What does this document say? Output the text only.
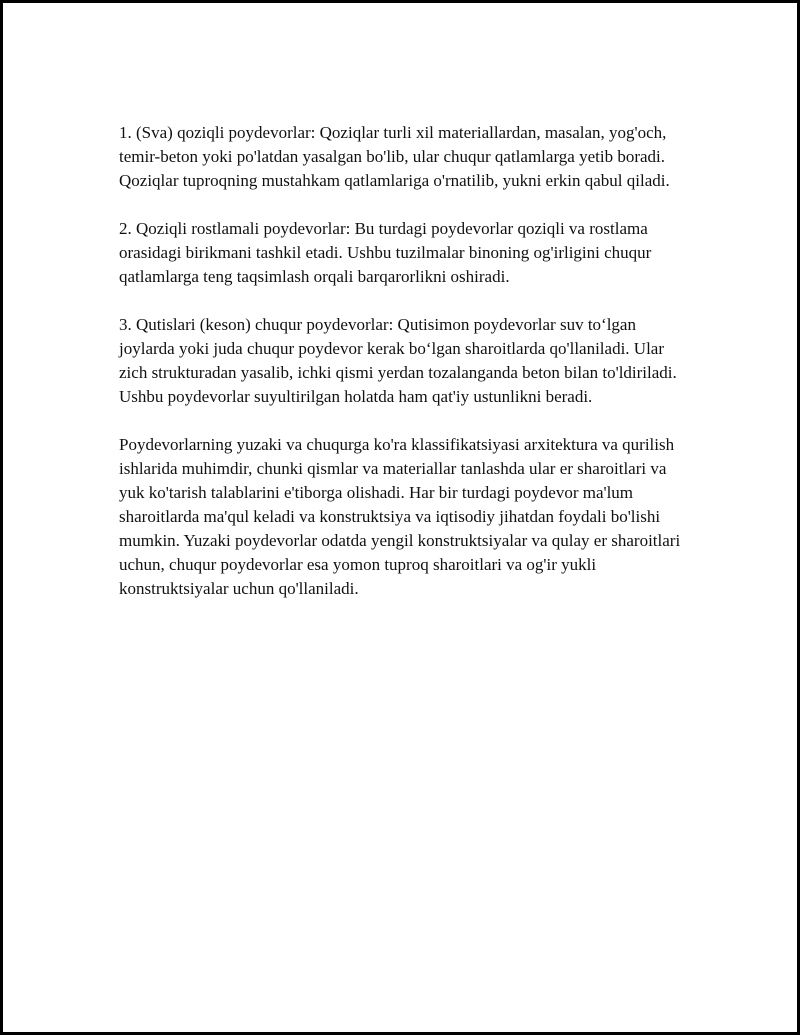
1. (Sva) qoziqli poydevorlar: Qoziqlar turli xil materiallardan, masalan, yog'och, temir-beton yoki po'latdan yasalgan bo'lib, ular chuqur qatlamlarga yetib boradi. Qoziqlar tuproqning mustahkam qatlamlariga o'rnatilib, yukni erkin qabul qiladi.

2. Qoziqli rostlamali poydevorlar: Bu turdagi poydevorlar qoziqli va rostlama orasidagi birikmani tashkil etadi. Ushbu tuzilmalar binoning og'irligini chuqur qatlamlarga teng taqsimlash orqali barqarorlikni oshiradi.

3. Qutislari (keson) chuqur poydevorlar: Qutisimon poydevorlar suv to‘lgan joylarda yoki juda chuqur poydevor kerak bo‘lgan sharoitlarda qo'llaniladi. Ular zich strukturadan yasalib, ichki qismi yerdan tozalanganda beton bilan to'ldiriladi. Ushbu poydevorlar suyultirilgan holatda ham qat'iy ustunlikni beradi.

Poydevorlarning yuzaki va chuqurga ko'ra klassifikatsiyasi arxitektura va qurilish ishlarida muhimdir, chunki qismlar va materiallar tanlashda ular er sharoitlari va yuk ko'tarish talablarini e'tiborga olishadi. Har bir turdagi poydevor ma'lum sharoitlarda ma'qul keladi va konstruktsiya va iqtisodiy jihatdan foydali bo'lishi mumkin. Yuzaki poydevorlar odatda yengil konstruktsiyalar va qulay er sharoitlari uchun, chuqur poydevorlar esa yomon tuproq sharoitlari va og'ir yukli konstruktsiyalar uchun qo'llaniladi.
